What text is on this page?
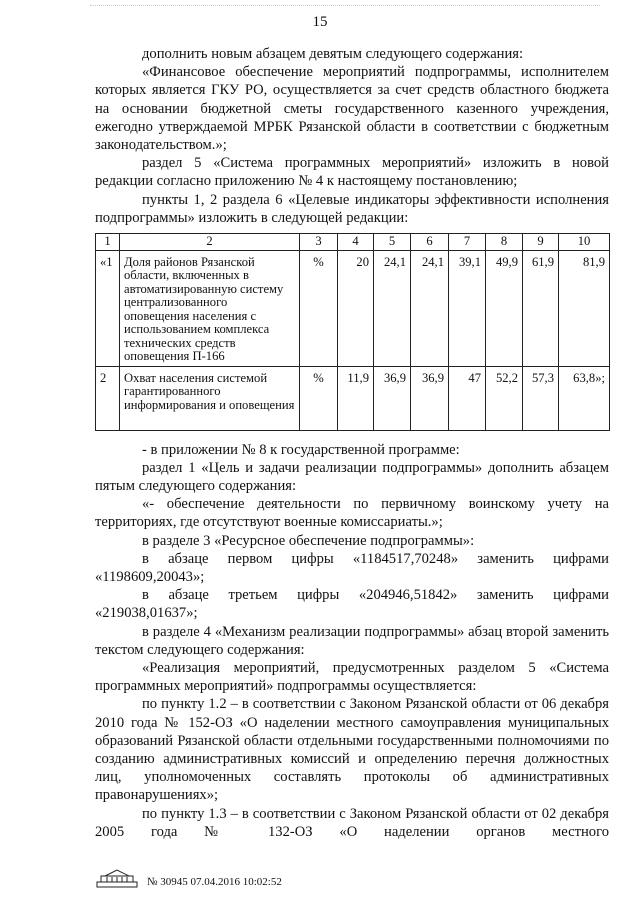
15

дополнить новым абзацем девятым следующего содержания:

«Финансовое обеспечение мероприятий подпрограммы, исполнителем которых является ГКУ РО, осуществляется за счет средств областного бюджета на основании бюджетной сметы государственного казенного учреждения, ежегодно утверждаемой МРБК Рязанской области в соответствии с бюджетным законодательством.»;

раздел 5 «Система программных мероприятий» изложить в новой редакции согласно приложению № 4 к настоящему постановлению;

пункты 1, 2 раздела 6 «Целевые индикаторы эффективности исполнения подпрограммы» изложить в следующей редакции:

1	2	3	4	5	6	7	8	9	10
«1	Доля районов Рязанской области, включенных в автоматизированную систему централизованного оповещения населения с использованием комплекса технических средств оповещения П-166	%	20	24,1	24,1	39,1	49,9	61,9	81,9
2	Охват населения системой гарантированного информирования и оповещения	%	11,9	36,9	36,9	47	52,2	57,3	63,8»;

- в приложении № 8 к государственной программе:

раздел 1 «Цель и задачи реализации подпрограммы» дополнить абзацем пятым следующего содержания:

«- обеспечение деятельности по первичному воинскому учету на территориях, где отсутствуют военные комиссариаты.»;

в разделе 3 «Ресурсное обеспечение подпрограммы»:

в абзаце первом цифры «1184517,70248» заменить цифрами «1198609,20043»;

в абзаце третьем цифры «204946,51842» заменить цифрами «219038,01637»;

в разделе 4 «Механизм реализации подпрограммы» абзац второй заменить текстом следующего содержания:

«Реализация мероприятий, предусмотренных разделом 5 «Система программных мероприятий» подпрограммы осуществляется:

по пункту 1.2 – в соответствии с Законом Рязанской области от 06 декабря 2010 года № 152-ОЗ «О наделении местного самоуправления муниципальных образований Рязанской области отдельными государственными полномочиями по созданию административных комиссий и определению перечня должностных лиц, уполномоченных составлять протоколы об административных правонарушениях»;

по пункту 1.3 – в соответствии с Законом Рязанской области от 02 декабря 2005 года № 132-ОЗ «О наделении органов местного

№ 30945 07.04.2016 10:02:52
